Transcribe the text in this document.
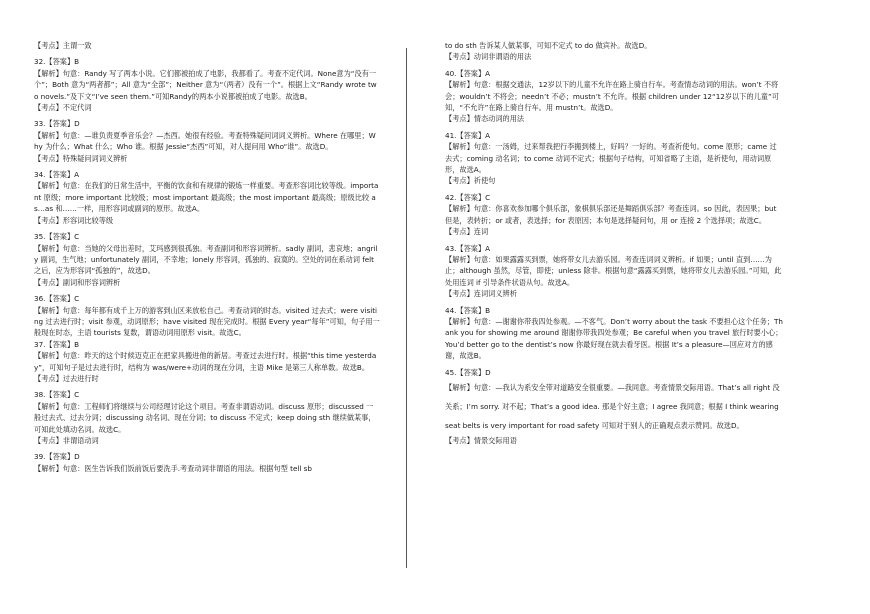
【考点】主谓一致

32.【答案】B

【解析】句意：Randy 写了两本小说。它们都被拍成了电影，我都看了。考查不定代词。None意为“没有一个”；Both 意为“两者都”；All 意为“全部”；Neither 意为“（两者）没有一个”。根据上文“Randy wrote two novels.”及下文“I’ve seen them.”可知Randy的两本小说都被拍成了电影。故选B。

【考点】不定代词

33.【答案】D

【解析】句意：—谁负责夏季音乐会？—杰西。她很有经验。考查特殊疑问词词义辨析。Where 在哪里；Why 为什么；What 什么；Who 谁。根据 Jessie“杰西”可知，对人提问用 Who“谁”。故选D。

【考点】特殊疑问词词义辨析

34.【答案】A

【解析】句意：在我们的日常生活中，平衡的饮食和有规律的锻炼一样重要。考查形容词比较等级。important 原级；more important 比较级；most important 最高级；the most important 最高级；原级比较 as…as 和……一样，用形容词或副词的原形。故选A。

【考点】形容词比较等级

35.【答案】C

【解析】句意：当她的父母出差时，艾玛感到很孤独。考查副词和形容词辨析。sadly 副词，悲哀地；angrily 副词，生气地；unfortunately 副词，不幸地；lonely 形容词，孤独的、寂寞的。空处的词在系动词 felt 之后，应为形容词“孤独的”，故选D。

【考点】副词和形容词辨析

36.【答案】C

【解析】句意：每年都有成千上万的游客到山区来放松自己。考查动词的时态。visited 过去式；were visiting 过去进行时；visit 参观，动词原形；have visited 现在完成时。根据 Every year“每年”可知，句子用一般现在时态，主语 tourists 复数，谓语动词用原形 visit。故选C。

37.【答案】B

【解析】句意：昨天的这个时候迈克正在把家具搬进他的新居。考查过去进行时。根据“this time yesterday”，可知句子是过去进行时，结构为 was/were+动词的现在分词，主语 Mike 是第三人称单数。故选B。

【考点】过去进行时

38.【答案】C

【解析】句意：工程师们将继续与公司经理讨论这个项目。考查非谓语动词。discuss 原形；discussed 一般过去式、过去分词；discussing 动名词、现在分词；to discuss 不定式；keep doing sth 继续做某事，可知此处填动名词。故选C。

【考点】非谓语动词

39.【答案】D

【解析】句意：医生告诉我们饭前饭后要洗手.考查动词非谓语的用法。根据句型 tell sb

to do sth 告诉某人做某事，可知不定式 to do 做宾补。故选D。

【考点】动词非谓语的用法

40.【答案】A

【解析】句意：根据交通法，12岁以下的儿童不允许在路上骑自行车。考查情态动词的用法。won’t 不将会；wouldn’t 不将会；needn’t 不必；mustn’t 不允许。根据 children under 12“12岁以下的儿童”可知，“不允许”在路上骑自行车。用 mustn’t。故选D。

【考点】情态动词的用法

41.【答案】A

【解析】句意：一汤姆，过来帮我把行李搬到楼上，好吗？一好的。考查祈使句。come 原形；came 过去式；coming 动名词；to come 动词不定式；根据句子结构，可知省略了主语，是祈使句，用动词原形，故选A。

【考点】祈使句

42.【答案】C

【解析】句意：你喜欢参加哪个俱乐部，象棋俱乐部还是舞蹈俱乐部？考查连词。so 因此，表因果；but 但是，表转折；or 或者，表选择；for 表原因；本句是选择疑问句，用 or 连接 2 个选择项；故选C。

【考点】连词

43.【答案】A

【解析】句意：如果露露买到票，她将带女儿去游乐园。考查连词词义辨析。if 如果；until 直到……为止；although 虽然，尽管，即使；unless 除非。根据句意“露露买到票，她将带女儿去游乐园。”可知，此处用连词 if 引导条件状语从句。故选A。

【考点】连词词义辨析

44.【答案】B

【解析】句意：—谢谢你带我四处参观。—不客气。Don’t worry about the task 不要担心这个任务；Thank you for showing me around 谢谢你带我四处参观；Be careful when you travel 旅行时要小心；You’d better go to the dentist’s now 你最好现在就去看牙医。根据 It’s a pleasure—回应对方的感谢，故选B。

45.【答案】D

【解析】句意：—我认为系安全带对道路安全很重要。—我同意。考查情景交际用语。That’s all right 没关系；I’m sorry. 对不起；That’s a good idea. 那是个好主意；I agree 我同意；根据 I think wearing seat belts is very important for road safety 可知对于别人的正确观点表示赞同。故选D。

【考点】情景交际用语
